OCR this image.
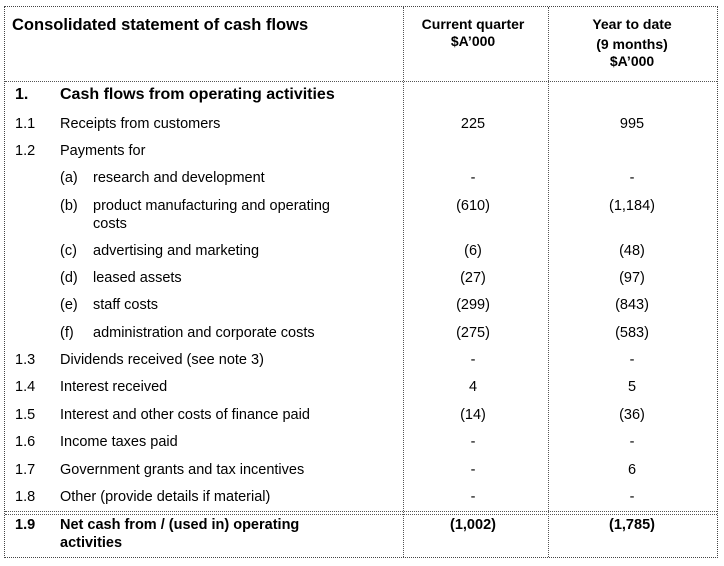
Consolidated statement of cash flows	Current quarter
$A’000
Year to date
(9 months)
$A’000
1. Cash flows from operating activities
1.1 Receipts from customers	225	995
1.2 Payments for
(a) research and development	-	-
(b) product manufacturing and operating
costs
(610)	(1,184)
(c) advertising and marketing	(6)	(48)
(d) leased assets	(27)	(97)
(e) staff costs	(299)	(843)
(f) administration and corporate costs	(275)	(583)
1.3 Dividends received (see note 3)	-	-
1.4 Interest received	4	5
1.5 Interest and other costs of finance paid	(14)	(36)
1.6 Income taxes paid	-	-
1.7 Government grants and tax incentives	-	6
1.8 Other (provide details if material)	-	-
1.9 Net cash from / (used in) operating
activities
(1,002)	(1,785)
